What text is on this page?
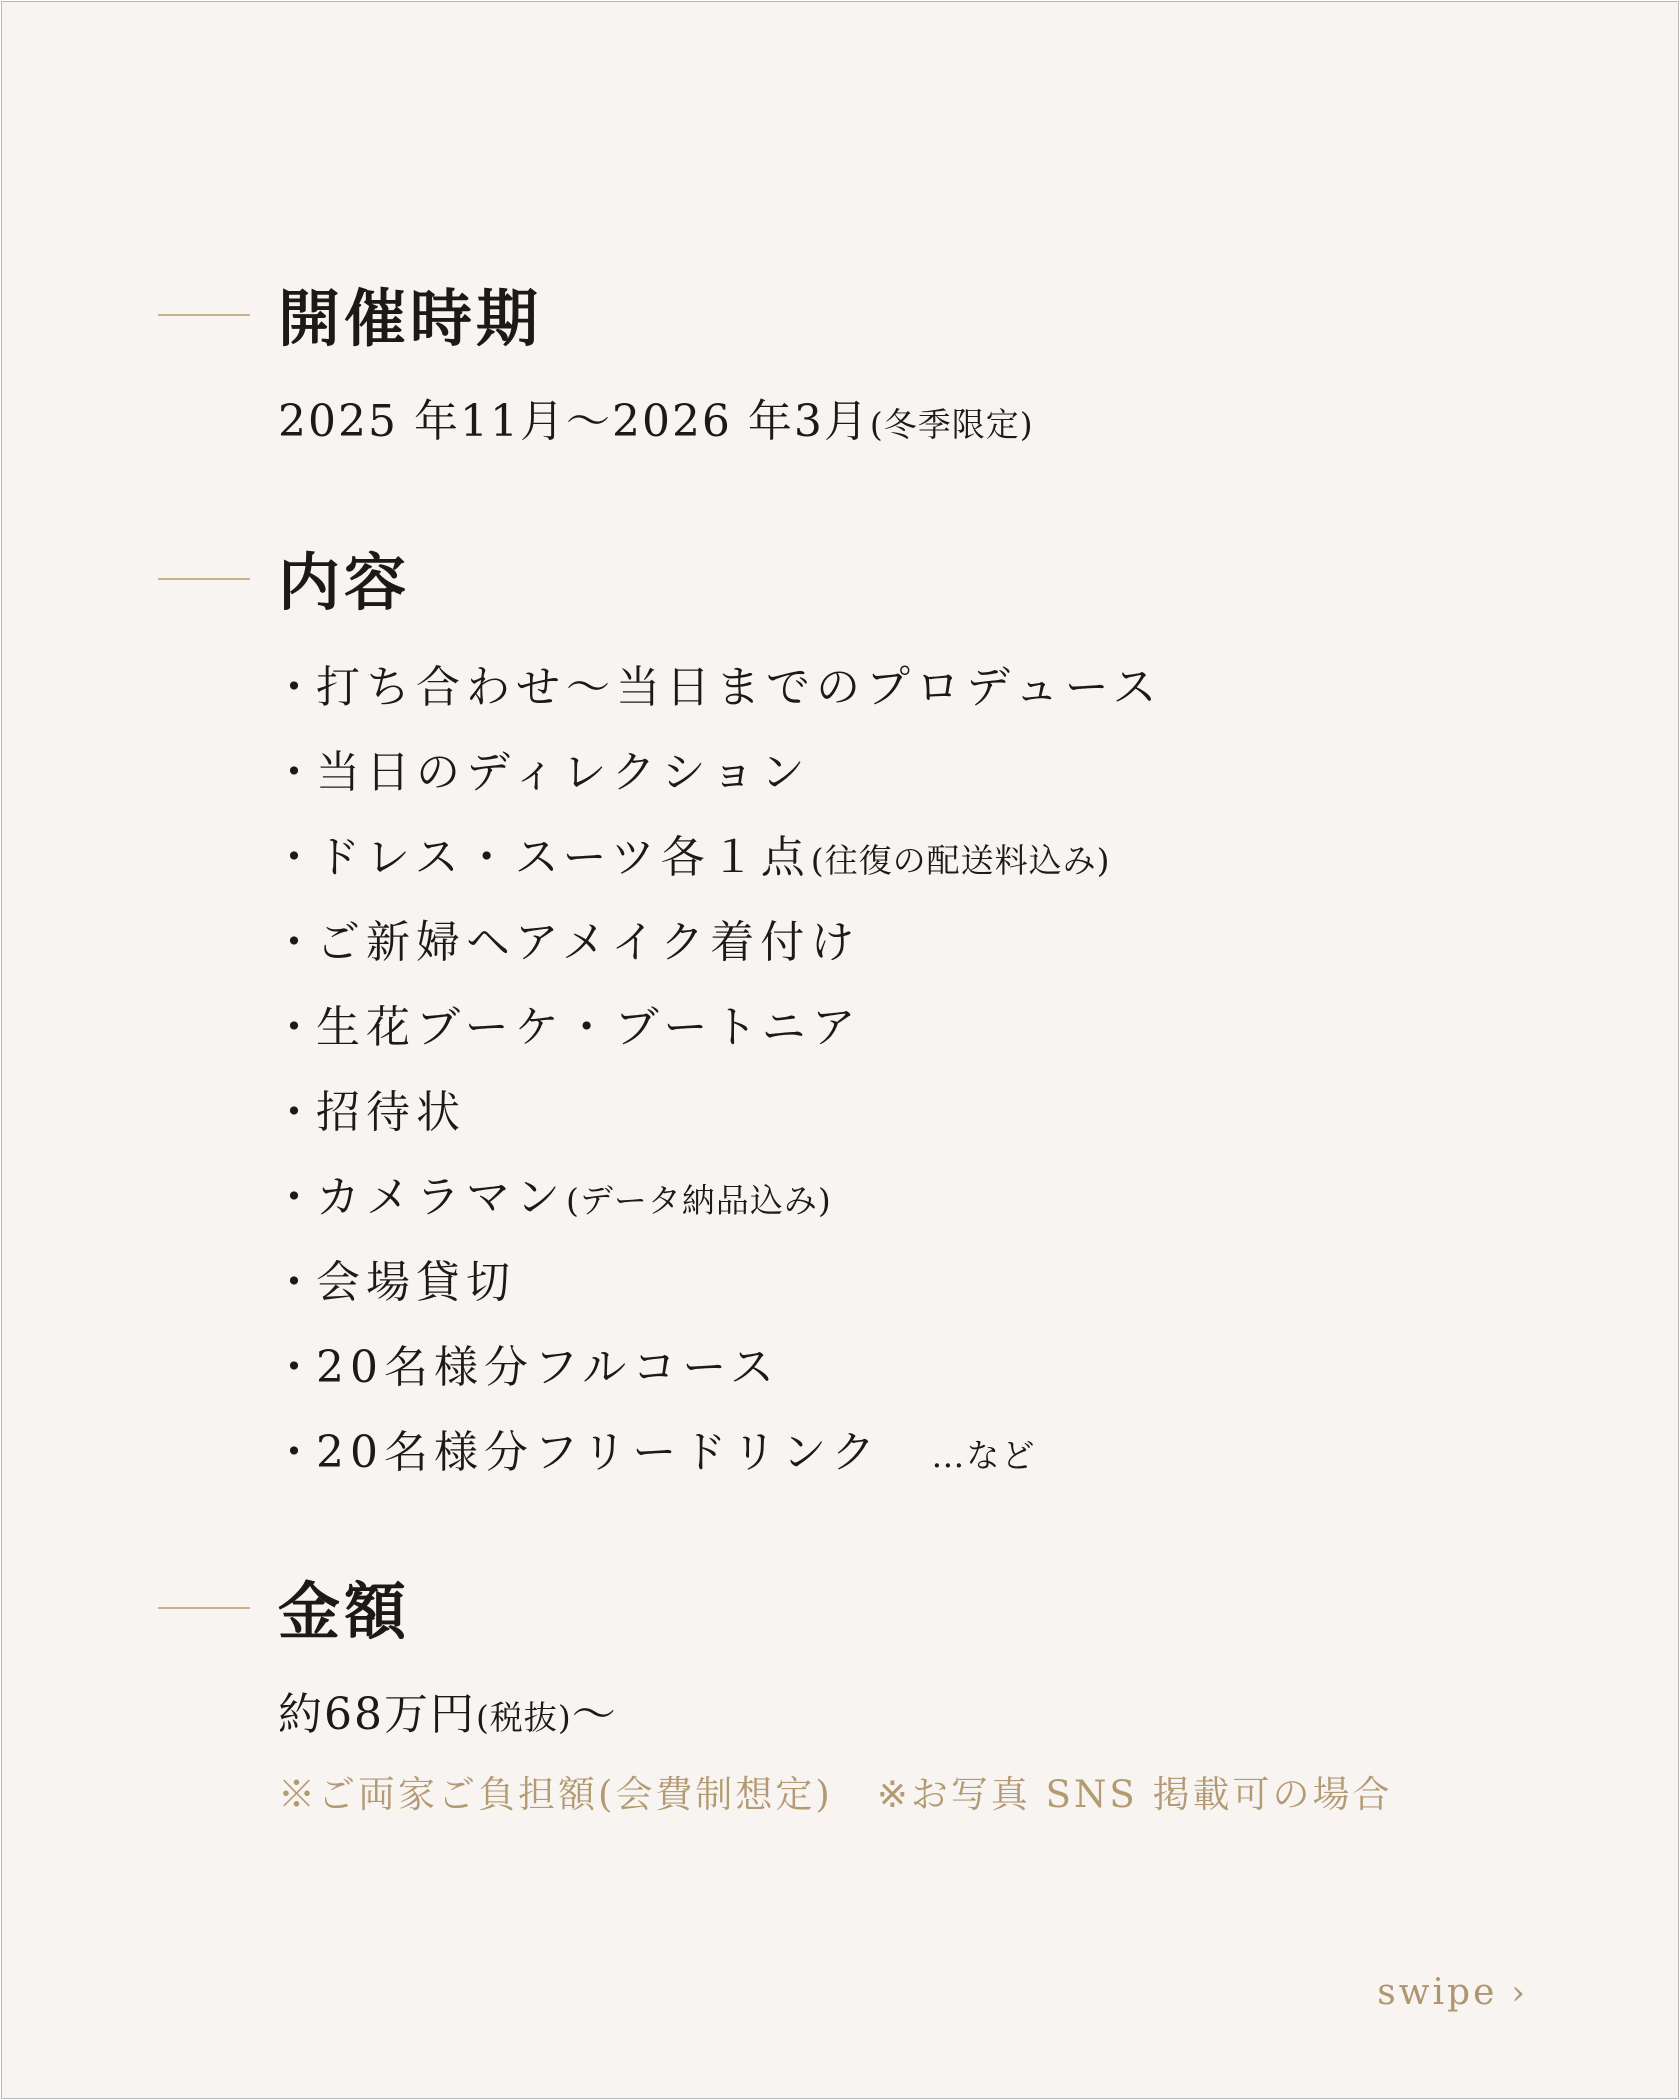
開催時期
2025 年11月～2026 年3月(冬季限定)
内容
・打ち合わせ～当日までのプロデュース
・当日のディレクション
・ドレス・スーツ各１点(往復の配送料込み)
・ご新婦ヘアメイク着付け
・生花ブーケ・ブートニア
・招待状
・カメラマン(データ納品込み)
・会場貸切
・20名様分フルコース
・20名様分フリードリンク …など
金額
約68万円(税抜)～
※ご両家ご負担額(会費制想定) ※お写真 SNS 掲載可の場合
swipe ›
